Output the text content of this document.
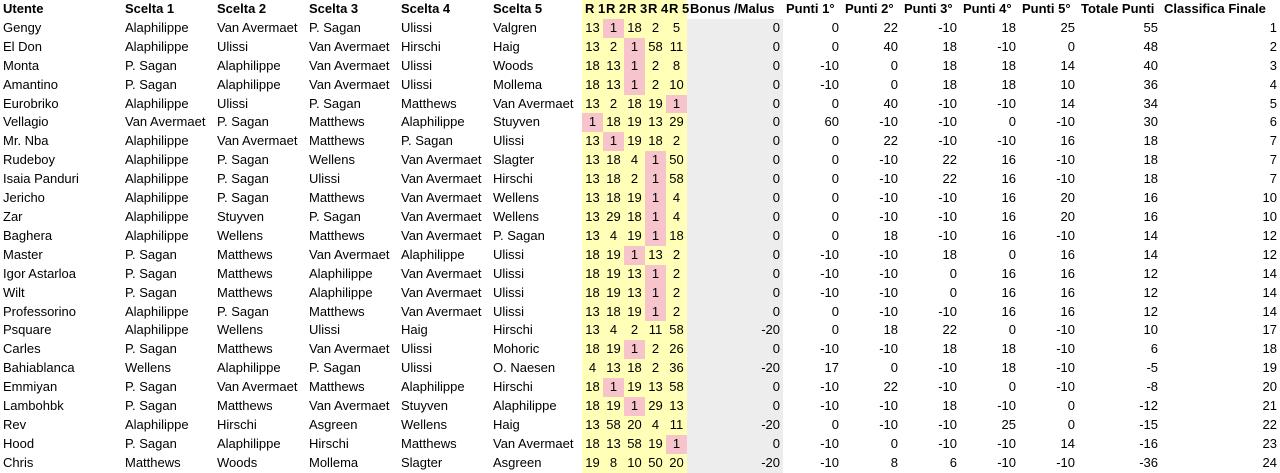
Utente	Scelta 1	Scelta 2	Scelta 3	Scelta 4	Scelta 5	R 1	R 2	R 3	R 4	R 5	Bonus /Malus	Punti 1°	Punti 2°	Punti 3°	Punti 4°	Punti 5°	Totale Punti	Classifica Finale
Gengy	Alaphilippe	Van Avermaet	P. Sagan	Ulissi	Valgren	13	1	18	2	5	0	0	22	-10	18	25	55	1
El Don	Alaphilippe	Ulissi	Van Avermaet	Hirschi	Haig	13	2	1	58	11	0	0	40	18	-10	0	48	2
Monta	P. Sagan	Alaphilippe	Van Avermaet	Ulissi	Woods	18	13	1	2	8	0	-10	0	18	18	14	40	3
Amantino	P. Sagan	Alaphilippe	Van Avermaet	Ulissi	Mollema	18	13	1	2	10	0	-10	0	18	18	10	36	4
Eurobriko	Alaphilippe	Ulissi	P. Sagan	Matthews	Van Avermaet	13	2	18	19	1	0	0	40	-10	-10	14	34	5
Vellagio	Van Avermaet	P. Sagan	Matthews	Alaphilippe	Stuyven	1	18	19	13	29	0	60	-10	-10	0	-10	30	6
Mr. Nba	Alaphilippe	Van Avermaet	Matthews	P. Sagan	Ulissi	13	1	19	18	2	0	0	22	-10	-10	16	18	7
Rudeboy	Alaphilippe	P. Sagan	Wellens	Van Avermaet	Slagter	13	18	4	1	50	0	0	-10	22	16	-10	18	7
Isaia Panduri	Alaphilippe	P. Sagan	Ulissi	Van Avermaet	Hirschi	13	18	2	1	58	0	0	-10	22	16	-10	18	7
Jericho	Alaphilippe	P. Sagan	Matthews	Van Avermaet	Wellens	13	18	19	1	4	0	0	-10	-10	16	20	16	10
Zar	Alaphilippe	Stuyven	P. Sagan	Van Avermaet	Wellens	13	29	18	1	4	0	0	-10	-10	16	20	16	10
Baghera	Alaphilippe	Wellens	Matthews	Van Avermaet	P. Sagan	13	4	19	1	18	0	0	18	-10	16	-10	14	12
Master	P. Sagan	Matthews	Van Avermaet	Alaphilippe	Ulissi	18	19	1	13	2	0	-10	-10	18	0	16	14	12
Igor Astarloa	P. Sagan	Matthews	Alaphilippe	Van Avermaet	Ulissi	18	19	13	1	2	0	-10	-10	0	16	16	12	14
Wilt	P. Sagan	Matthews	Alaphilippe	Van Avermaet	Ulissi	18	19	13	1	2	0	-10	-10	0	16	16	12	14
Professorino	Alaphilippe	P. Sagan	Matthews	Van Avermaet	Ulissi	13	18	19	1	2	0	0	-10	-10	16	16	12	14
Psquare	Alaphilippe	Wellens	Ulissi	Haig	Hirschi	13	4	2	11	58	-20	0	18	22	0	-10	10	17
Carles	P. Sagan	Matthews	Van Avermaet	Ulissi	Mohoric	18	19	1	2	26	0	-10	-10	18	18	-10	6	18
Bahiablanca	Wellens	Alaphilippe	P. Sagan	Ulissi	O. Naesen	4	13	18	2	36	-20	17	0	-10	18	-10	-5	19
Emmiyan	P. Sagan	Van Avermaet	Matthews	Alaphilippe	Hirschi	18	1	19	13	58	0	-10	22	-10	0	-10	-8	20
Lambohbk	P. Sagan	Matthews	Van Avermaet	Stuyven	Alaphilippe	18	19	1	29	13	0	-10	-10	18	-10	0	-12	21
Rev	Alaphilippe	Hirschi	Asgreen	Wellens	Haig	13	58	20	4	11	-20	0	-10	-10	25	0	-15	22
Hood	P. Sagan	Alaphilippe	Hirschi	Matthews	Van Avermaet	18	13	58	19	1	0	-10	0	-10	-10	14	-16	23
Chris	Matthews	Woods	Mollema	Slagter	Asgreen	19	8	10	50	20	-20	-10	8	6	-10	-10	-36	24
